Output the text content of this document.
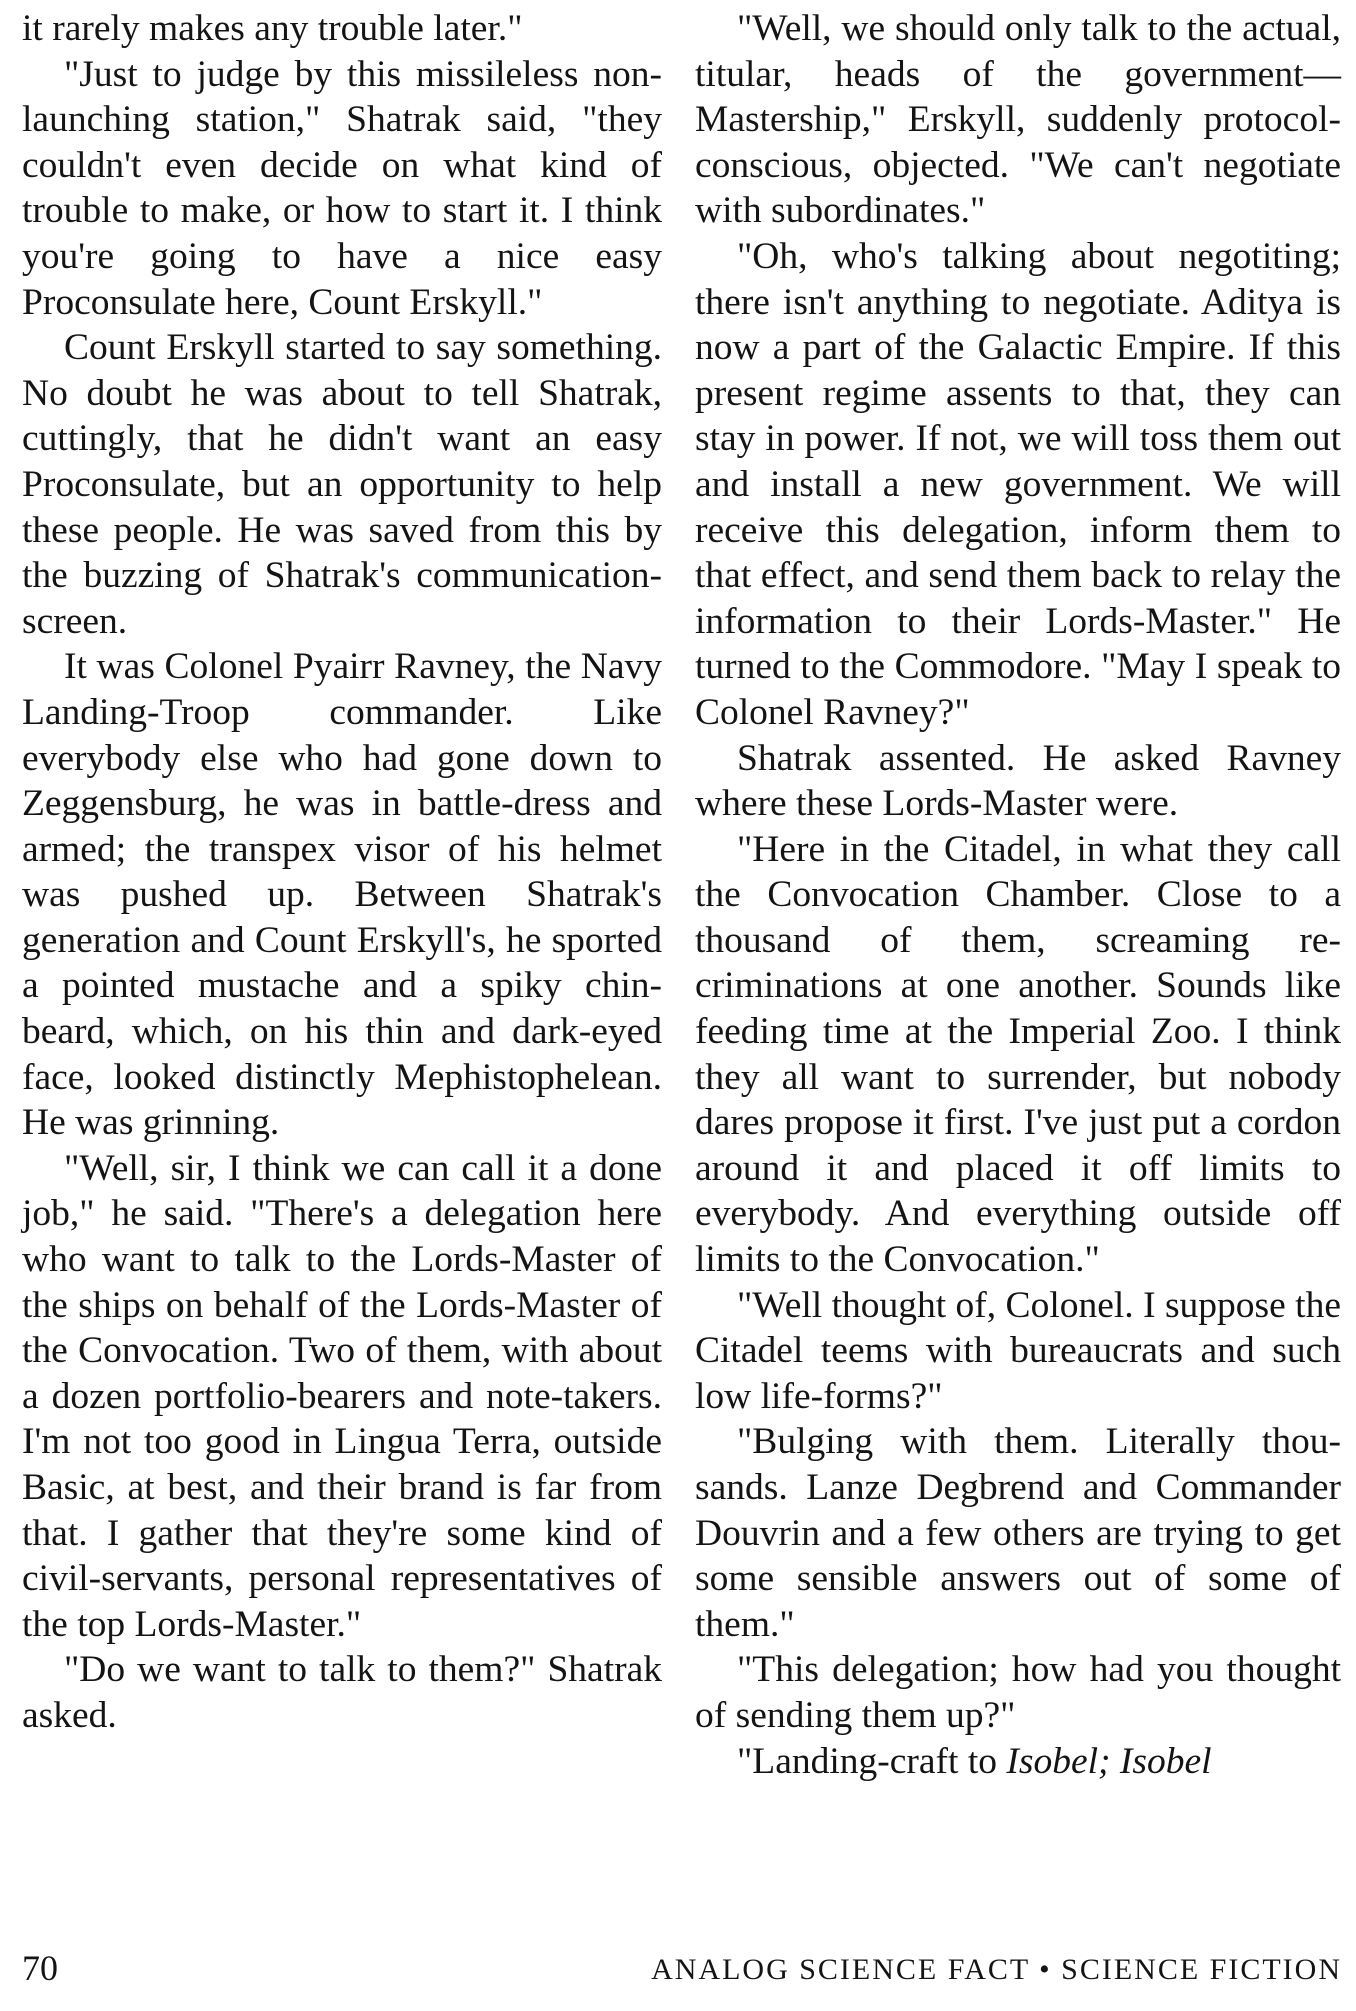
it rarely makes any trouble later."

"Just to judge by this missileless non-launching station," Shatrak said, "they couldn't even decide on what kind of trouble to make, or how to start it. I think you're going to have a nice easy Proconsulate here, Count Erskyll."

Count Erskyll started to say something. No doubt he was about to tell Shatrak, cuttingly, that he didn't want an easy Proconsulate, but an opportunity to help these people. He was saved from this by the buzzing of Shatrak's communication-screen.

It was Colonel Pyairr Ravney, the Navy Landing-Troop commander. Like everybody else who had gone down to Zeggensburg, he was in battle-dress and armed; the transpex visor of his helmet was pushed up. Between Shatrak's generation and Count Erskyll's, he sported a pointed mustache and a spiky chin-beard, which, on his thin and dark-eyed face, looked distinctly Mephistophelean. He was grinning.

"Well, sir, I think we can call it a done job," he said. "There's a delegation here who want to talk to the Lords-Master of the ships on behalf of the Lords-Master of the Convocation. Two of them, with about a dozen portfolio-bearers and note-takers. I'm not too good in Lingua Terra, outside Basic, at best, and their brand is far from that. I gather that they're some kind of civil-servants, personal representatives of the top Lords-Master."

"Do we want to talk to them?" Shatrak asked.

"Well, we should only talk to the actual, titular, heads of the government—Mastership," Erskyll, suddenly protocol-conscious, objected. "We can't negotiate with subordinates."

"Oh, who's talking about negotiting; there isn't anything to negotiate. Aditya is now a part of the Galactic Empire. If this present regime assents to that, they can stay in power. If not, we will toss them out and install a new government. We will receive this delegation, inform them to that effect, and send them back to relay the information to their Lords-Master." He turned to the Commodore. "May I speak to Colonel Ravney?"

Shatrak assented. He asked Ravney where these Lords-Master were.

"Here in the Citadel, in what they call the Convocation Chamber. Close to a thousand of them, screaming recriminations at one another. Sounds like feeding time at the Imperial Zoo. I think they all want to surrender, but nobody dares propose it first. I've just put a cordon around it and placed it off limits to everybody. And everything outside off limits to the Convocation."

"Well thought of, Colonel. I suppose the Citadel teems with bureaucrats and such low life-forms?"

"Bulging with them. Literally thousands. Lanze Degbrend and Commander Douvrin and a few others are trying to get some sensible answers out of some of them."

"This delegation; how had you thought of sending them up?"

"Landing-craft to Isobel; Isobel

70	ANALOG SCIENCE FACT • SCIENCE FICTION
